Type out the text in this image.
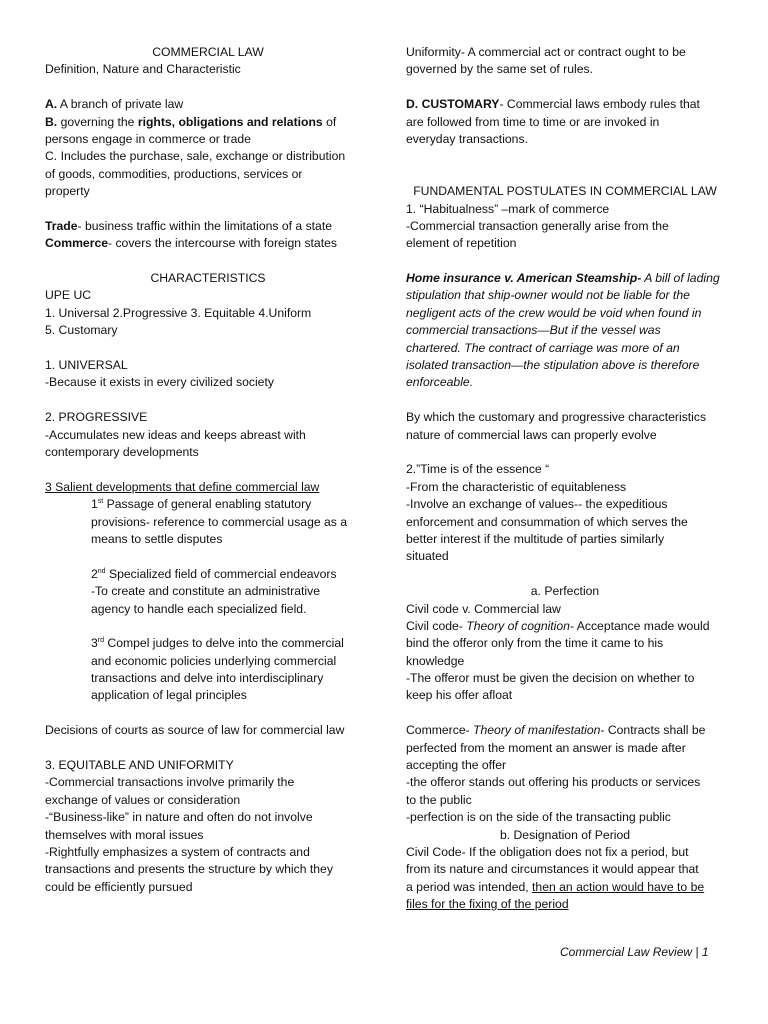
COMMERCIAL LAW
Definition, Nature and Characteristic
A. A branch of private law
B. governing the rights, obligations and relations of
persons engage in commerce or trade
C. Includes the purchase, sale, exchange or distribution
of goods, commodities, productions, services or
property
Trade- business traffic within the limitations of a state
Commerce- covers the intercourse with foreign states
CHARACTERISTICS
UPE UC
1. Universal 2.Progressive 3. Equitable 4.Uniform
5. Customary
1. UNIVERSAL
-Because it exists in every civilized society
2. PROGRESSIVE
-Accumulates new ideas and keeps abreast with
contemporary developments
3 Salient developments that define commercial law
1st Passage of general enabling statutory
provisions- reference to commercial usage as a
means to settle disputes
2nd Specialized field of commercial endeavors
-To create and constitute an administrative
agency to handle each specialized field.
3rd Compel judges to delve into the commercial
and economic policies underlying commercial
transactions and delve into interdisciplinary
application of legal principles
Decisions of courts as source of law for commercial law
3. EQUITABLE AND UNIFORMITY
-Commercial transactions involve primarily the
exchange of values or consideration
-“Business-like” in nature and often do not involve
themselves with moral issues
-Rightfully emphasizes a system of contracts and
transactions and presents the structure by which they
could be efficiently pursued
Uniformity- A commercial act or contract ought to be
governed by the same set of rules.
D. CUSTOMARY- Commercial laws embody rules that
are followed from time to time or are invoked in
everyday transactions.
FUNDAMENTAL POSTULATES IN COMMERCIAL LAW
1. “Habitualness” –mark of commerce
-Commercial transaction generally arise from the
element of repetition
Home insurance v. American Steamship- A bill of lading
stipulation that ship-owner would not be liable for the
negligent acts of the crew would be void when found in
commercial transactions—But if the vessel was
chartered. The contract of carriage was more of an
isolated transaction—the stipulation above is therefore
enforceable.
By which the customary and progressive characteristics
nature of commercial laws can properly evolve
2.”Time is of the essence “
-From the characteristic of equitableness
-Involve an exchange of values-- the expeditious
enforcement and consummation of which serves the
better interest if the multitude of parties similarly
situated
a. Perfection
Civil code v. Commercial law
Civil code- Theory of cognition- Acceptance made would
bind the offeror only from the time it came to his
knowledge
-The offeror must be given the decision on whether to
keep his offer afloat
Commerce- Theory of manifestation- Contracts shall be
perfected from the moment an answer is made after
accepting the offer
-the offeror stands out offering his products or services
to the public
-perfection is on the side of the transacting public
b. Designation of Period
Civil Code- If the obligation does not fix a period, but
from its nature and circumstances it would appear that
a period was intended, then an action would have to be
files for the fixing of the period
Commercial Law Review | 1
